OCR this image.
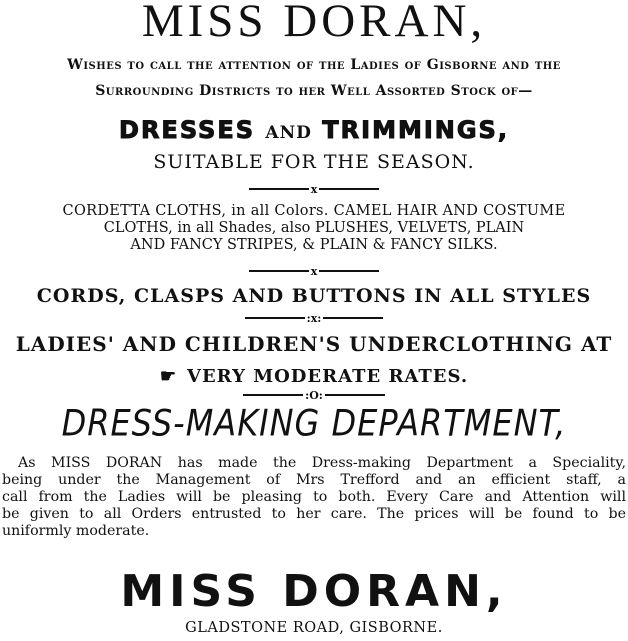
MISS DORAN,
Wishes to call the attention of the Ladies of Gisborne and the
Surrounding Districts to her Well Assorted Stock of—
DRESSES AND TRIMMINGS,
SUITABLE FOR THE SEASON.
x
CORDETTA CLOTHS, in all Colors. CAMEL HAIR AND COSTUME
CLOTHS, in all Shades, also PLUSHES, VELVETS, PLAIN
AND FANCY STRIPES, & PLAIN & FANCY SILKS.
x
CORDS, CLASPS AND BUTTONS IN ALL STYLES
:x:
LADIES' AND CHILDREN'S UNDERCLOTHING AT
☛ VERY MODERATE RATES.
:O:
DRESS-MAKING DEPARTMENT,
As MISS DORAN has made the Dress-making Department a Speciality,
being under the Management of Mrs Trefford and an efficient staff, a
call from the Ladies will be pleasing to both. Every Care and Attention will
be given to all Orders entrusted to her care. The prices will be found to be
uniformly moderate.
MISS DORAN,
GLADSTONE ROAD, GISBORNE.
